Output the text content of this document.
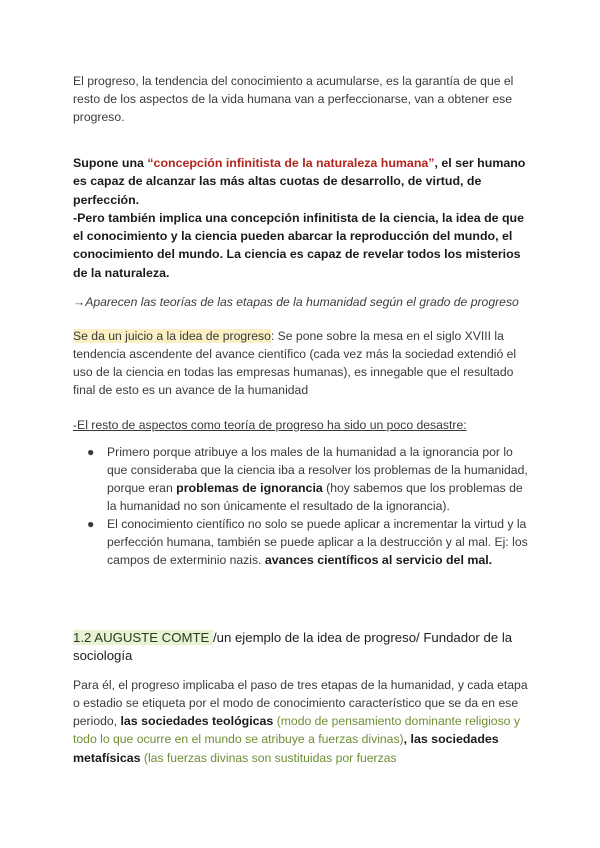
El progreso, la tendencia del conocimiento a acumularse, es la garantía de que el resto de los aspectos de la vida humana van a perfeccionarse, van a obtener ese progreso.

Supone una “concepción infinitista de la naturaleza humana”, el ser humano es capaz de alcanzar las más altas cuotas de desarrollo, de virtud, de perfección.
-Pero también implica una concepción infinitista de la ciencia, la idea de que el conocimiento y la ciencia pueden abarcar la reproducción del mundo, el conocimiento del mundo. La ciencia es capaz de revelar todos los misterios de la naturaleza.

→Aparecen las teorías de las etapas de la humanidad según el grado de progreso

Se da un juicio a la idea de progreso: Se pone sobre la mesa en el siglo XVIII la tendencia ascendente del avance científico (cada vez más la sociedad extendió el uso de la ciencia en todas las empresas humanas), es innegable que el resultado final de esto es un avance de la humanidad

-El resto de aspectos como teoría de progreso ha sido un poco desastre:

● Primero porque atribuye a los males de la humanidad a la ignorancia por lo que consideraba que la ciencia iba a resolver los problemas de la humanidad, porque eran problemas de ignorancia (hoy sabemos que los problemas de la humanidad no son únicamente el resultado de la ignorancia).
● El conocimiento científico no solo se puede aplicar a incrementar la virtud y la perfección humana, también se puede aplicar a la destrucción y al mal. Ej: los campos de exterminio nazis. avances científicos al servicio del mal.

1.2 AUGUSTE COMTE /un ejemplo de la idea de progreso/ Fundador de la sociología

Para él, el progreso implicaba el paso de tres etapas de la humanidad, y cada etapa o estadio se etiqueta por el modo de conocimiento característico que se da en ese periodo, las sociedades teológicas (modo de pensamiento dominante religioso y todo lo que ocurre en el mundo se atribuye a fuerzas divinas), las sociedades metafísicas (las fuerzas divinas son sustituidas por fuerzas
